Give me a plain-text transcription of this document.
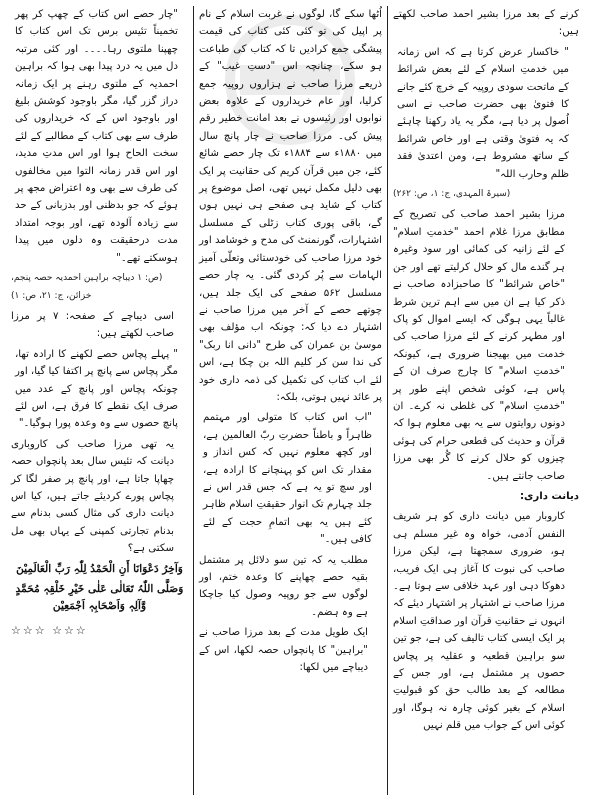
کرنے کے بعد مرزا بشیر احمد صاحب لکھتے ہیں:

" خاکسار عرض کرتا ہے کہ اس زمانہ میں خدمتِ اسلام کے لئے بعض شرائط کے ماتحت سودی روپیہ کے خرچ کئے جانے کا فتویٰ بھی حضرت صاحب نے اسی اُصول پر دیا ہے، مگر یہ یاد رکھنا چاہئے کہ یہ فتویٰ وقتی ہے اور خاص شرائط کے ساتھ مشروط ہے، ومن اعتدیٰ فقد ظلم وحارب اللہ"

(سیرۃ المہدی، ج: ۱، ص: ۲۶۲)

مرزا بشیر احمد صاحب کی تصریح کے مطابق مرزا غلام احمد "خدمتِ اسلام" کے لئے زانیہ کی کمائی اور سود وغیرہ ہر گندے مال کو حلال کرلیتے تھے اور جن "خاص شرائط" کا صاحبزادہ صاحب نے ذکر کیا ہے ان میں سے اہم ترین شرط غالباً یہی ہوگی کہ ایسے اموال کو پاک اور مطہر کرنے کے لئے مرزا صاحب کی خدمت میں بھیجنا ضروری ہے، کیونکہ "خدمتِ اسلام" کا چارج صرف ان کے پاس ہے، کوئی شخص اپنے طور پر "خدمتِ اسلام" کی غلطی نہ کرے۔ ان دونوں روایتوں سے یہ بھی معلوم ہوا کہ قرآن و حدیث کی قطعی حرام کی ہوئی چیزوں کو حلال کرنے کا گُر بھی مرزا صاحب جانتے ہیں۔

دیانت داری:

کاروبار میں دیانت داری کو ہر شریف النفس آدمی، خواہ وہ غیر مسلم ہی ہو، ضروری سمجھتا ہے، لیکن مرزا صاحب کی نبوت کا آغاز ہی ایک فریب، دھوکا دہی اور عہد خلافی سے ہوتا ہے۔ مرزا صاحب نے اشتہار پر اشتہار دیئے کہ انہوں نے حقانیتِ قرآن اور صداقتِ اسلام پر ایک ایسی کتاب تالیف کی ہے، جو تین سو براہین قطعیہ و عقلیہ پر پچاس حصوں پر مشتمل ہے، اور جس کے مطالعہ کے بعد طالب حق کو قبولیتِ اسلام کے بغیر کوئی چارہ نہ ہوگا، اور کوئی اس کے جواب میں قلم نہیں

اُٹھا سکے گا، لوگوں نے غربت اسلام کے نام پر اپیل کی تو کئی کئی کتاب کی قیمت پیشگی جمع کرادیں تا کہ کتاب کی طباعت ہو سکے، چنانچہ اس "دستِ غیب" کے ذریعے مرزا صاحب نے ہزاروں روپیہ جمع کرلیا، اور عام خریداروں کے علاوہ بعض نوابوں اور رئیسوں نے بعد امانت خطیر رقم پیش کی۔ مرزا صاحب نے چار پانچ سال میں ۱۸۸۰ء سے ۱۸۸۴ء تک چار حصے شائع کئے، جن میں قرآن کریم کی حقانیت پر ایک بھی دلیل مکمل نہیں تھی، اصل موضوع پر کتاب کے شاید ہی صفحے ہی نہیں ہوں گے، باقی پوری کتاب زٹلی کے مسلسل اشتہارات، گورنمنٹ کی مدح و خوشامد اور خود مرزا صاحب کی خودستائی وتعلّی آمیز الہامات سے پُر کردی گئی۔ یہ چار حصے مسلسل ۵۶۲ صفحے کی ایک جلد ہیں، چوتھے حصے کے آخر میں مرزا صاحب نے اشتہار دے دیا کہ: چونکہ اب مؤلف بھی موسیٰ بن عمران کی طرح "دانی انا ربک" کی ندا سن کر کلیم اللہ بن چکا ہے، اس لئے اب کتاب کی تکمیل کی ذمہ داری خود پر عائد نہیں ہوتی، بلکہ:

"اب اس کتاب کا متولی اور مہتمم ظاہراً و باطناً حضرتِ ربّ العالمین ہے، اور کچھ معلوم نہیں کہ کس انداز و مقدار تک اس کو پہنچانے کا ارادہ ہے، اور سچ تو یہ ہے کہ جس قدر اس نے جلد چہارم تک انوار حقیقتِ اسلام ظاہر کئے ہیں یہ بھی اتمامِ حجت کے لئے کافی ہیں۔"

مطلب یہ کہ تین سو دلائل پر مشتمل بقیہ حصے چھاپنے کا وعدہ ختم، اور لوگوں سے جو روپیہ وصول کیا جاچکا ہے وہ ہضم۔

ایک طویل مدت کے بعد مرزا صاحب نے "براہین" کا پانچواں حصہ لکھا، اس کے دیباچے میں لکھا:

"چار حصے اس کتاب کے چھپ کر پھر تخمیناً تئیس برس تک اس کتاب کا چھپنا ملتوی رہا۔۔۔۔ اور کئی مرتبہ دل میں یہ درد پیدا بھی ہوا کہ براہین احمدیہ کے ملتوی رہنے پر ایک زمانہ دراز گزر گیا، مگر باوجود کوشش بلیغ اور باوجود اس کے کہ خریداروں کی طرف سے بھی کتاب کے مطالبے کے لئے سخت الحاح ہوا اور اس مدتِ مدید، اور اس قدر زمانہ التوا میں مخالفوں کی طرف سے بھی وہ اعتراض مجھ پر ہوئے کہ جو بدظنی اور بدزبانی کے حد سے زیادہ آلودہ تھے، اور بوجہ امتداد مدت درحقیقت وہ دلوں میں پیدا ہوسکتے تھے۔"

(ص: ۱ دیباچہ براہین احمدیہ حصہ پنجم، خزائن، ج: ۲۱، ص: ۱)

اسی دیباچے کے صفحہ: ۷ پر مرزا صاحب لکھتے ہیں:

" پہلے پچاس حصے لکھنے کا ارادہ تھا، مگر پچاس سے پانچ پر اکتفا کیا گیا، اور چونکہ پچاس اور پانچ کے عدد میں صرف ایک نقطے کا فرق ہے، اس لئے پانچ حصوں سے وہ وعدہ پورا ہوگیا۔"

یہ تھی مرزا صاحب کی کاروباری دیانت کہ تئیس سال بعد پانچواں حصہ چھاپا جاتا ہے، اور پانچ پر صفر لگا کر پچاس پورے کردیئے جاتے ہیں، کیا اس دیانت داری کی مثال کسی بدنام سے بدنام تجارتی کمپنی کے یہاں بھی مل سکتی ہے؟

وَآخِرُ دَعْوَانَا أَنِ الْحَمْدُ لِلّٰہِ رَبِّ الْعَالَمِیْنَ

وَصَلَّى اللّٰہُ تَعَالٰی عَلٰی خَیْرِ خَلْقِہٖ مُحَمَّدٍ وَّآلِہٖ وَاَصْحَابِہٖ اَجْمَعِیْن

☆☆☆ ☆☆☆
